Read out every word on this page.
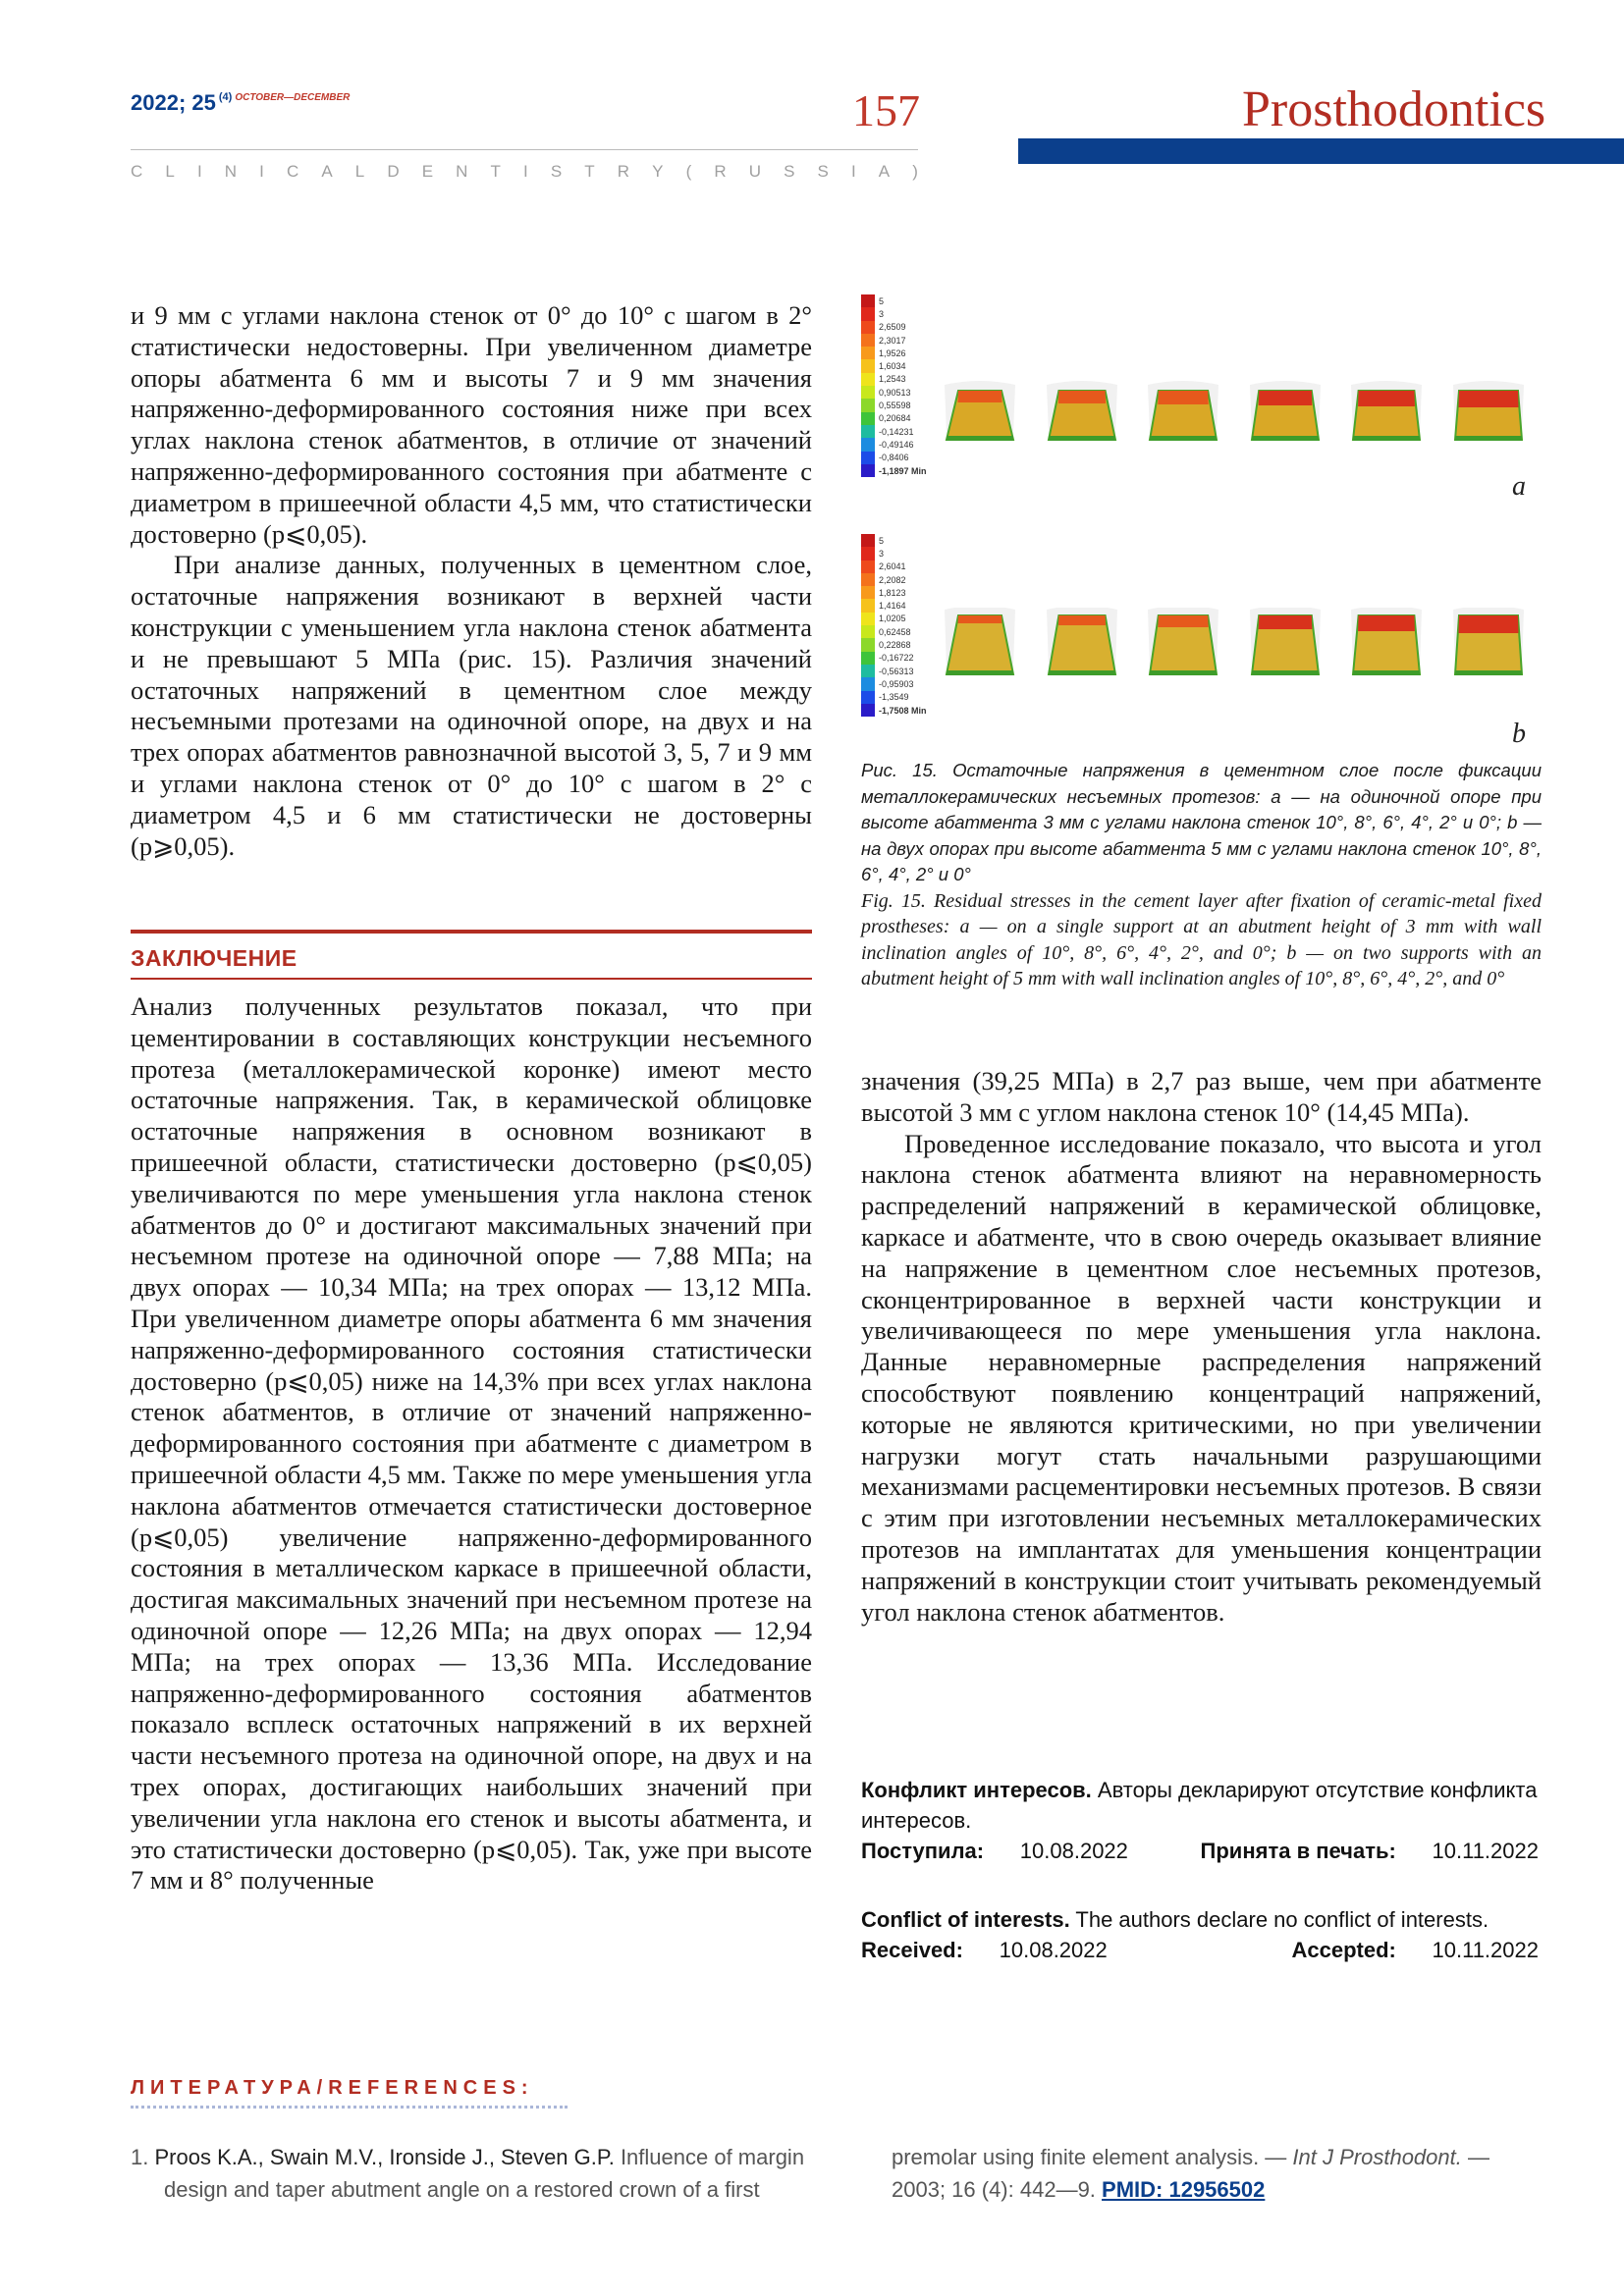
2022; 25 $^{(4)}$ $^{OCTOBER—DECEMBER}$	157	Prosthodontics
C L I N I C A L D E N T I S T R Y ( R U S S I A )

и 9 мм с углами наклона стенок от 0° до 10° с шагом в 2° статистически недостоверны. При увеличенном диаметре опоры абатмента 6 мм и высоты 7 и 9 мм значения напряженно-деформированного состояния ниже при всех углах наклона стенок абатментов, в отличие от значений напряженно-деформированного состояния при абатменте с диаметром в пришеечной области 4,5 мм, что статистически достоверно (p⩽0,05).

При анализе данных, полученных в цементном слое, остаточные напряжения возникают в верхней части конструкции с уменьшением угла наклона стенок абатмента и не превышают 5 МПа (рис. 15). Различия значений остаточных напряжений в цементном слое между несъемными протезами на одиночной опоре, на двух и на трех опорах абатментов равнозначной высотой 3, 5, 7 и 9 мм и углами наклона стенок от 0° до 10° с шагом в 2° с диаметром 4,5 и 6 мм статистически не достоверны (p⩾0,05).

ЗАКЛЮЧЕНИЕ

Анализ полученных результатов показал, что при цементировании в составляющих конструкции несъемного протеза (металлокерамической коронке) имеют место остаточные напряжения. Так, в керамической облицовке остаточные напряжения в основном возникают в пришеечной области, статистически достоверно (p⩽0,05) увеличиваются по мере уменьшения угла наклона стенок абатментов до 0° и достигают максимальных значений при несъемном протезе на одиночной опоре — 7,88 МПа; на двух опорах — 10,34 МПа; на трех опорах — 13,12 МПа. При увеличенном диаметре опоры абатмента 6 мм значения напряженно-деформированного состояния статистически достоверно (p⩽0,05) ниже на 14,3% при всех углах наклона стенок абатментов, в отличие от значений напряженно-деформированного состояния при абатменте с диаметром в пришеечной области 4,5 мм. Также по мере уменьшения угла наклона абатментов отмечается статистически достоверное (p⩽0,05) увеличение напряженно-деформированного состояния в металлическом каркасе в пришеечной области, достигая максимальных значений при несъемном протезе на одиночной опоре — 12,26 МПа; на двух опорах — 12,94 МПа; на трех опорах — 13,36 МПа. Исследование напряженно-деформированного состояния абатментов показало всплеск остаточных напряжений в их верхней части несъемного протеза на одиночной опоре, на двух и на трех опорах, достигающих наибольших значений при увеличении угла наклона его стенок и высоты абатмента, и это статистически достоверно (p⩽0,05). Так, уже при высоте 7 мм и 8° полученные

5
3
2,6509
2,3017
1,9526
1,6034
1,2543
0,90513
0,55598
0,20684
-0,14231
-0,49146
-0,8406
-1,1897 Min
a
5
3
2,6041
2,2082
1,8123
1,4164
1,0205
0,62458
0,22868
-0,16722
-0,56313
-0,95903
-1,3549
-1,7508 Min
b
Рис. 15. Остаточные напряжения в цементном слое после фиксации металлокерамических несъемных протезов: a — на одиночной опоре при высоте абатмента 3 мм с углами наклона стенок 10°, 8°, 6°, 4°, 2° и 0°; b — на двух опорах при высоте абатмента 5 мм с углами наклона стенок 10°, 8°, 6°, 4°, 2° и 0°
Fig. 15. Residual stresses in the cement layer after fixation of ceramic-metal fixed prostheses: a — on a single support at an abutment height of 3 mm with wall inclination angles of 10°, 8°, 6°, 4°, 2°, and 0°; b — on two supports with an abutment height of 5 mm with wall inclination angles of 10°, 8°, 6°, 4°, 2°, and 0°

значения (39,25 МПа) в 2,7 раз выше, чем при абатменте высотой 3 мм с углом наклона стенок 10° (14,45 МПа).

Проведенное исследование показало, что высота и угол наклона стенок абатмента влияют на неравномерность распределений напряжений в керамической облицовке, каркасе и абатменте, что в свою очередь оказывает влияние на напряжение в цементном слое несъемных протезов, сконцентрированное в верхней части конструкции и увеличивающееся по мере уменьшения угла наклона. Данные неравномерные распределения напряжений способствуют появлению концентраций напряжений, которые не являются критическими, но при увеличении нагрузки могут стать начальными разрушающими механизмами расцементировки несъемных протезов. В связи с этим при изготовлении несъемных металлокерамических протезов на имплантатах для уменьшения концентрации напряжений в конструкции стоит учитывать рекомендуемый угол наклона стенок абатментов.

Конфликт интересов. Авторы декларируют отсутствие конфликта интересов.
Поступила: 10.08.2022	Принята в печать: 10.11.2022
Conflict of interests. The authors declare no conflict of interests.
Received: 10.08.2022	Accepted: 10.11.2022
ЛИТЕРАТУРА/REFERENCES:
1. Proos K.A., Swain M.V., Ironside J., Steven G.P. Influence of margin design and taper abutment angle on a restored crown of a first
premolar using finite element analysis. — Int J Prosthodont. — 2003; 16 (4): 442—9. PMID: 12956502
